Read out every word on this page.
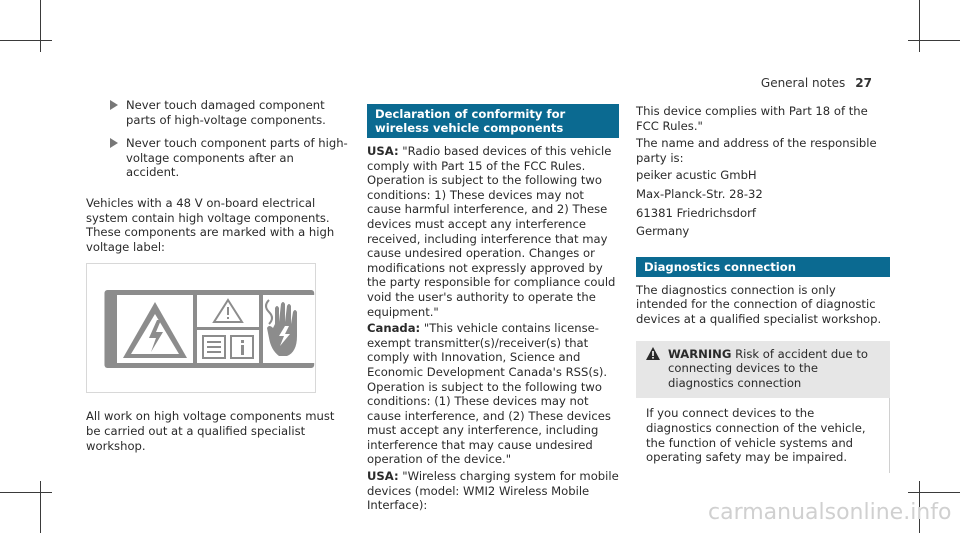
General notes 27
Never touch damaged component parts of high-voltage components.
Never touch component parts of high-voltage components after an accident.

Vehicles with a 48 V on-board electrical system contain high voltage components. These components are marked with a high voltage label:

All work on high voltage components must be carried out at a qualified specialist workshop.

Declaration of conformity for wireless vehicle components

USA: "Radio based devices of this vehicle comply with Part 15 of the FCC Rules. Operation is subject to the following two conditions: 1) These devices may not cause harmful interference, and 2) These devices must accept any interference received, including interference that may cause undesired operation. Changes or modifications not expressly approved by the party responsible for compliance could void the user's authority to operate the equipment."

Canada: "This vehicle contains license-exempt transmitter(s)/receiver(s) that comply with Innovation, Science and Economic Development Canada's RSS(s). Operation is subject to the following two conditions: (1) These devices may not cause interference, and (2) These devices must accept any interference, including interference that may cause undesired operation of the device."

USA: "Wireless charging system for mobile devices (model: WMI2 Wireless Mobile Interface):

This device complies with Part 18 of the FCC Rules."

The name and address of the responsible party is:

peiker acustic GmbH

Max-Planck-Str. 28-32

61381 Friedrichsdorf

Germany

Diagnostics connection

The diagnostics connection is only intended for the connection of diagnostic devices at a qualified specialist workshop.

WARNING Risk of accident due to connecting devices to the diagnostics connection
If you connect devices to the diagnostics connection of the vehicle, the function of vehicle systems and operating safety may be impaired.
carmanualsonline.info
